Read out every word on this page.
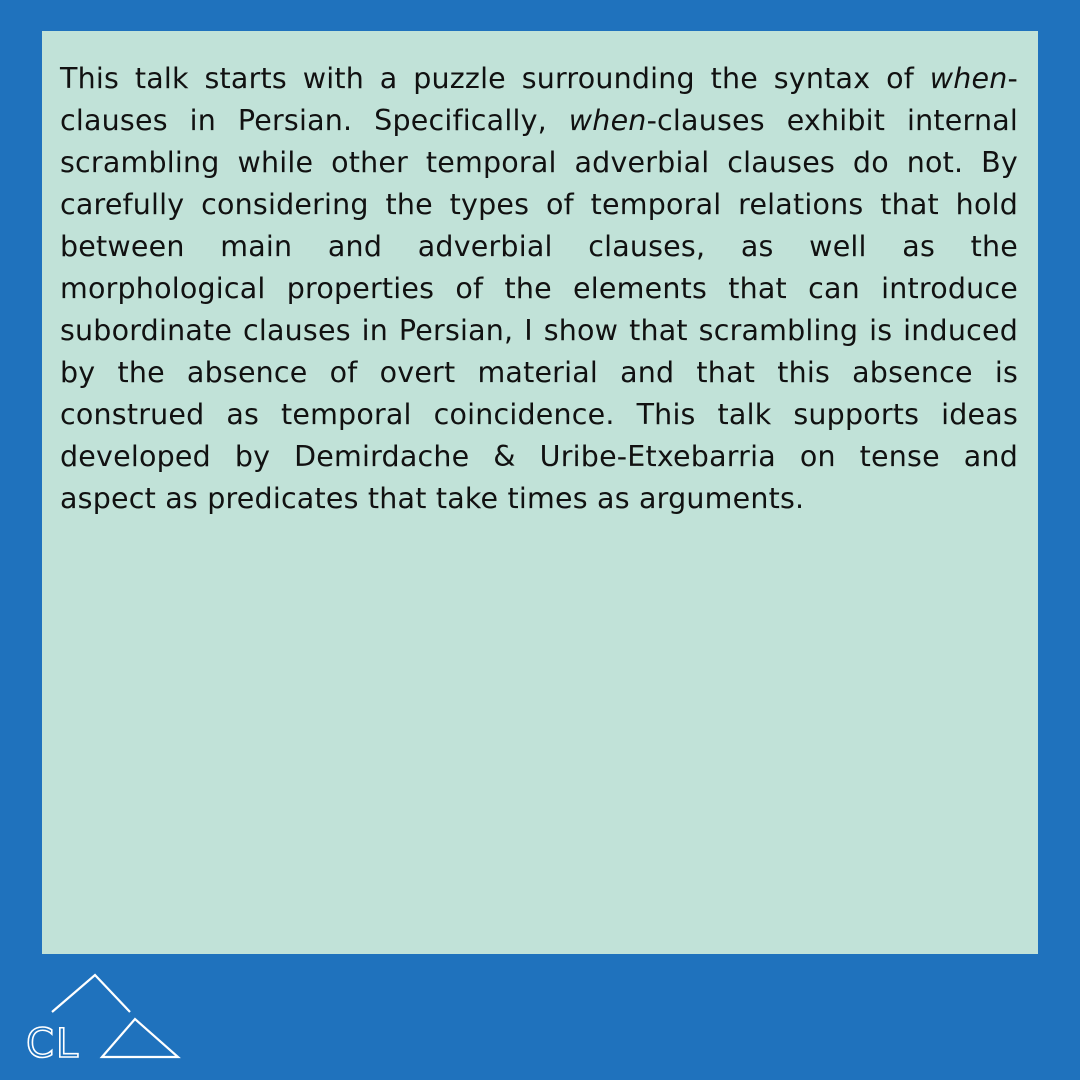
This talk starts with a puzzle surrounding the syntax of when-clauses in Persian. Specifically, when-clauses exhibit internal scrambling while other temporal adverbial clauses do not. By carefully considering the types of temporal relations that hold between main and adverbial clauses, as well as the morphological properties of the elements that can introduce subordinate clauses in Persian, I show that scrambling is induced by the absence of overt material and that this absence is construed as temporal coincidence. This talk supports ideas developed by Demirdache & Uribe-Etxebarria on tense and aspect as predicates that take times as arguments.

CL
